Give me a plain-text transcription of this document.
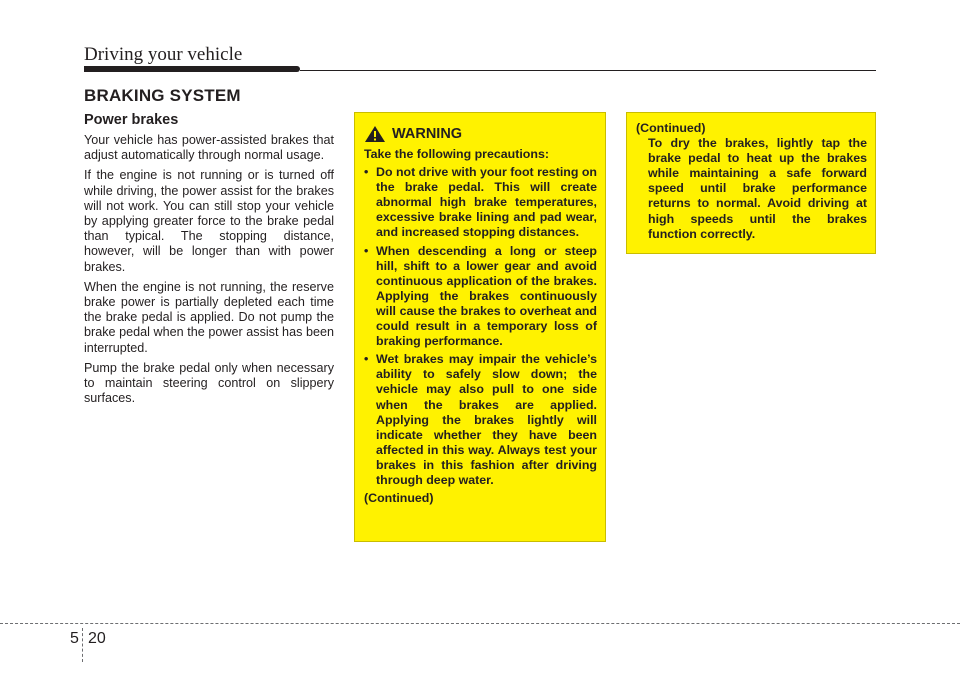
Driving your vehicle
BRAKING SYSTEM
Power brakes

Your vehicle has power-assisted brakes that adjust automatically through normal usage.

If the engine is not running or is turned off while driving, the power assist for the brakes will not work. You can still stop your vehicle by applying greater force to the brake pedal than typical. The stopping distance, however, will be longer than with power brakes.

When the engine is not running, the reserve brake power is partially depleted each time the brake pedal is applied. Do not pump the brake pedal when the power assist has been interrupted.

Pump the brake pedal only when necessary to maintain steering control on slippery surfaces.

WARNING
Take the following precautions:
• Do not drive with your foot resting on the brake pedal. This will create abnormal high brake temperatures, excessive brake lining and pad wear, and increased stopping distances.
• When descending a long or steep hill, shift to a lower gear and avoid continuous application of the brakes. Applying the brakes continuously will cause the brakes to overheat and could result in a temporary loss of braking performance.
• Wet brakes may impair the vehicle’s ability to safely slow down; the vehicle may also pull to one side when the brakes are applied. Applying the brakes lightly will indicate whether they have been affected in this way. Always test your brakes in this fashion after driving through deep water.
(Continued)
(Continued)
To dry the brakes, lightly tap the brake pedal to heat up the brakes while maintaining a safe forward speed until brake performance returns to normal. Avoid driving at high speeds until the brakes function correctly.
5 20
